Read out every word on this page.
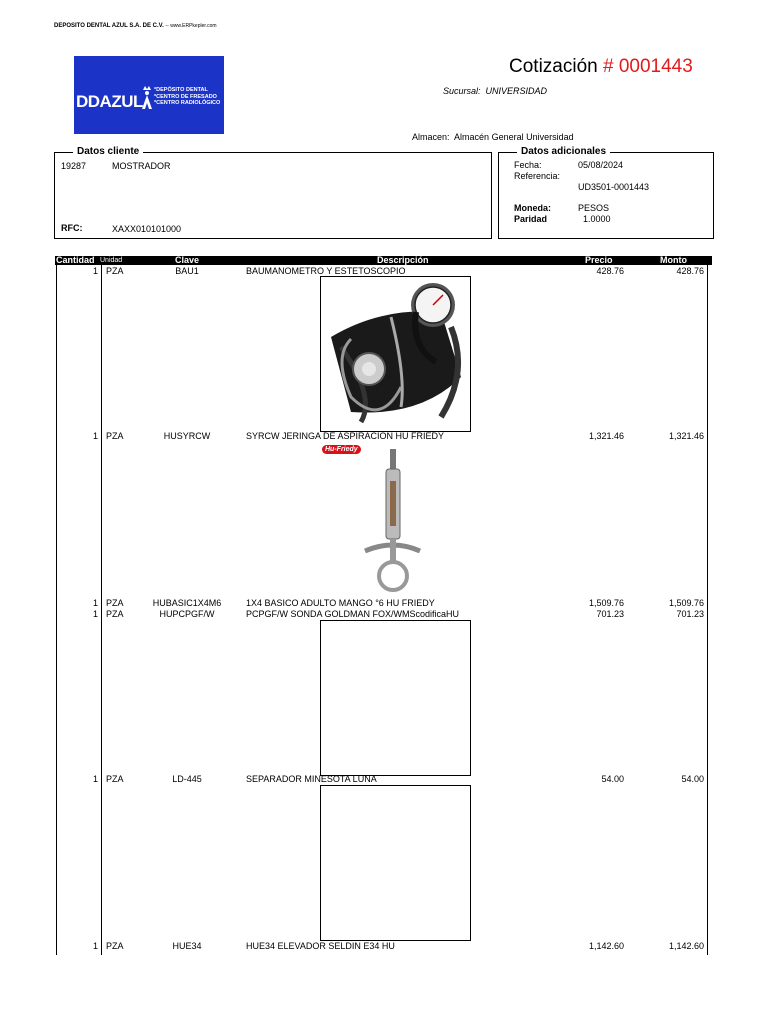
DEPOSITO DENTAL AZUL S.A. DE C.V. -- www.ERPkepler.com
DDAZUL
*DEPÓSITO DENTAL
*CENTRO DE FRESADO
*CENTRO RADIOLÓGICO
Cotización # 0001443
Sucursal: UNIVERSIDAD
Almacen: Almacén General Universidad
Datos cliente
19287	MOSTRADOR
RFC:	XAXX010101000
Datos adicionales
Fecha:	05/08/2024
Referencia:
UD3501-0001443
Moneda:	PESOS
Paridad	1.0000
Cantidad Unidad	Clave	Descripción	Precio	Monto
1 PZA	BAU1	BAUMANOMETRO Y ESTETOSCOPIO	428.76	428.76
1 PZA	HUSYRCW	SYRCW JERINGA DE ASPIRACION HU FRIEDY	1,321.46	1,321.46
Hu-Friedy
1 PZA	HUBASIC1X4M6	1X4 BASICO ADULTO MANGO °6 HU FRIEDY	1,509.76	1,509.76
1 PZA	HUPCPGF/W	PCPGF/W SONDA GOLDMAN FOX/WMScodificaHU	701.23	701.23
1 PZA	LD-445	SEPARADOR MINESOTA LUNA	54.00	54.00
1 PZA	HUE34	HUE34 ELEVADOR SELDIN E34 HU	1,142.60	1,142.60
